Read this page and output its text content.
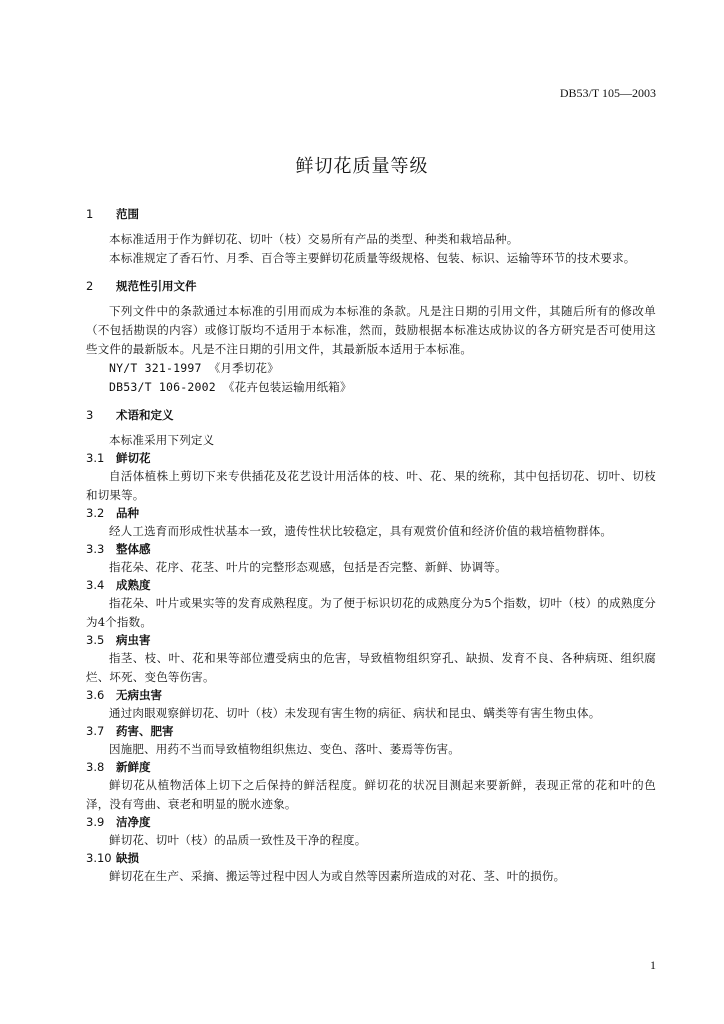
DB53/T 105—2003
鲜切花质量等级
1 范围

本标准适用于作为鲜切花、切叶（枝）交易所有产品的类型、种类和栽培品种。

本标准规定了香石竹、月季、百合等主要鲜切花质量等级规格、包装、标识、运输等环节的技术要求。

2 规范性引用文件

下列文件中的条款通过本标准的引用而成为本标准的条款。凡是注日期的引用文件，其随后所有的修改单（不包括勘误的内容）或修订版均不适用于本标准，然而，鼓励根据本标准达成协议的各方研究是否可使用这些文件的最新版本。凡是不注日期的引用文件，其最新版本适用于本标准。

NY/T 321-1997 《月季切花》

DB53/T 106-2002 《花卉包装运输用纸箱》

3 术语和定义

本标准采用下列定义

3.1 鲜切花

自活体植株上剪切下来专供插花及花艺设计用活体的枝、叶、花、果的统称，其中包括切花、切叶、切枝和切果等。

3.2 品种

经人工选育而形成性状基本一致，遗传性状比较稳定，具有观赏价值和经济价值的栽培植物群体。

3.3 整体感

指花朵、花序、花茎、叶片的完整形态观感，包括是否完整、新鲜、协调等。

3.4 成熟度

指花朵、叶片或果实等的发育成熟程度。为了便于标识切花的成熟度分为5个指数，切叶（枝）的成熟度分为4个指数。

3.5 病虫害

指茎、枝、叶、花和果等部位遭受病虫的危害，导致植物组织穿孔、缺损、发育不良、各种病斑、组织腐烂、坏死、变色等伤害。

3.6 无病虫害

通过肉眼观察鲜切花、切叶（枝）未发现有害生物的病征、病状和昆虫、螨类等有害生物虫体。

3.7 药害、肥害

因施肥、用药不当而导致植物组织焦边、变色、落叶、萎焉等伤害。

3.8 新鲜度

鲜切花从植物活体上切下之后保持的鲜活程度。鲜切花的状况目测起来要新鲜，表现正常的花和叶的色泽，没有弯曲、衰老和明显的脱水迹象。

3.9 洁净度

鲜切花、切叶（枝）的品质一致性及干净的程度。

3.10 缺损

鲜切花在生产、采摘、搬运等过程中因人为或自然等因素所造成的对花、茎、叶的损伤。

1
